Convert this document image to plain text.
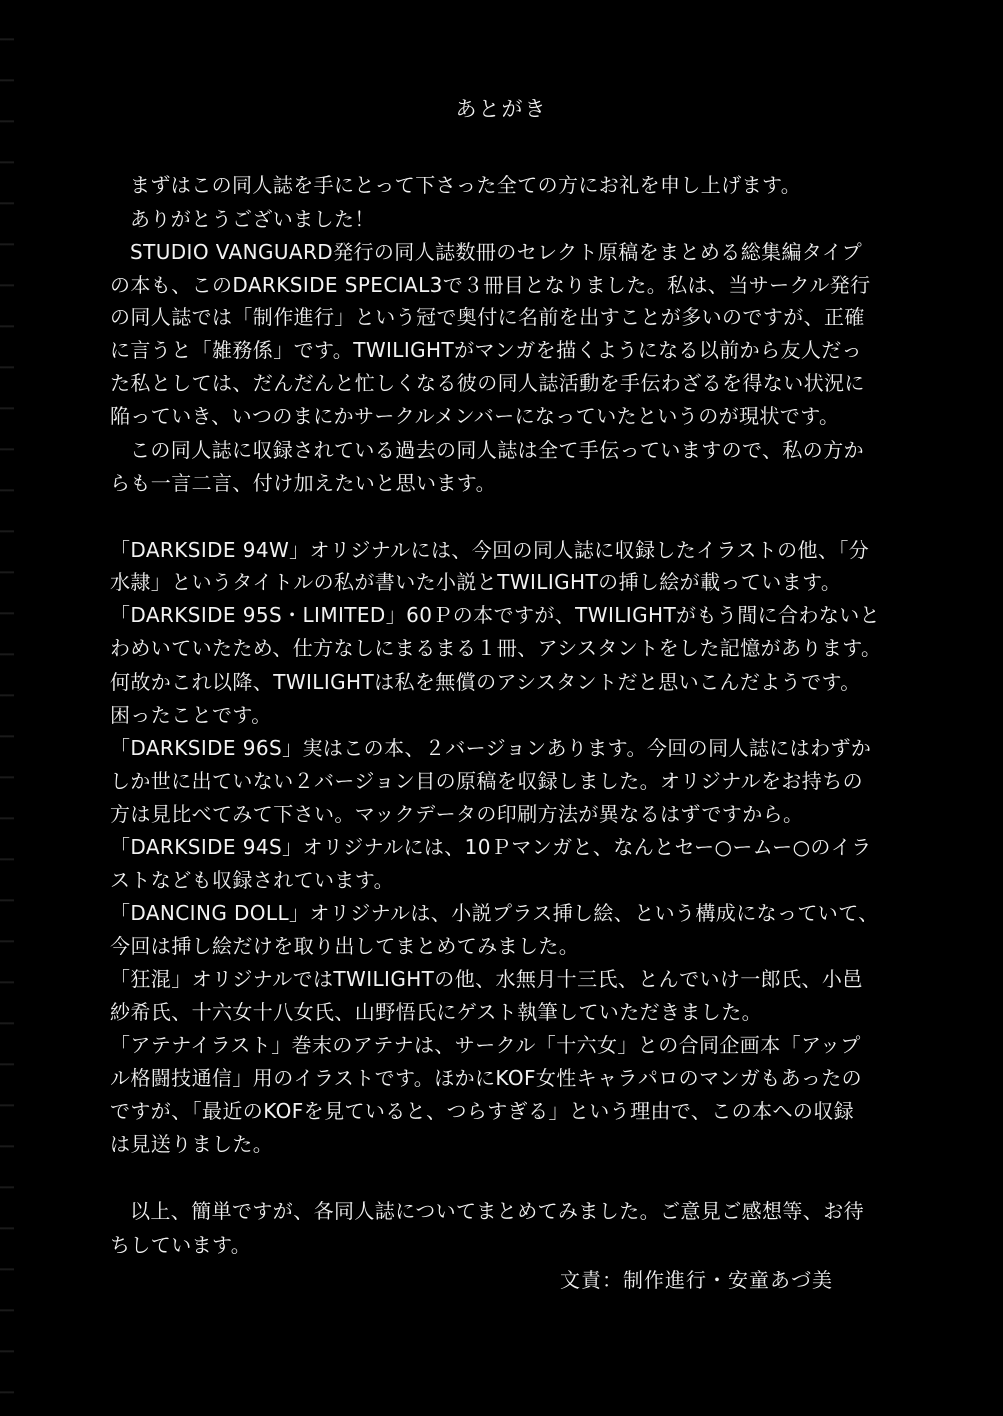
あとがき
まずはこの同人誌を手にとって下さった全ての方にお礼を申し上げます。
ありがとうございました！
STUDIO VANGUARD発行の同人誌数冊のセレクト原稿をまとめる総集編タイプ
の本も、このDARKSIDE SPECIAL3で３冊目となりました。私は、当サークル発行
の同人誌では「制作進行」という冠で奥付に名前を出すことが多いのですが、正確
に言うと「雑務係」です。TWILIGHTがマンガを描くようになる以前から友人だっ
た私としては、だんだんと忙しくなる彼の同人誌活動を手伝わざるを得ない状況に
陥っていき、いつのまにかサークルメンバーになっていたというのが現状です。
この同人誌に収録されている過去の同人誌は全て手伝っていますので、私の方か
らも一言二言、付け加えたいと思います。
「DARKSIDE 94W」オリジナルには、今回の同人誌に収録したイラストの他、「分
水隷」というタイトルの私が書いた小説とTWILIGHTの挿し絵が載っています。
「DARKSIDE 95S・LIMITED」60Ｐの本ですが、TWILIGHTがもう間に合わないと
わめいていたため、仕方なしにまるまる１冊、アシスタントをした記憶があります。
何故かこれ以降、TWILIGHTは私を無償のアシスタントだと思いこんだようです。
困ったことです。
「DARKSIDE 96S」実はこの本、２バージョンあります。今回の同人誌にはわずか
しか世に出ていない２バージョン目の原稿を収録しました。オリジナルをお持ちの
方は見比べてみて下さい。マックデータの印刷方法が異なるはずですから。
「DARKSIDE 94S」オリジナルには、10Ｐマンガと、なんとセー○ームー○のイラ
ストなども収録されています。
「DANCING DOLL」オリジナルは、小説プラス挿し絵、という構成になっていて、
今回は挿し絵だけを取り出してまとめてみました。
「狂混」オリジナルではTWILIGHTの他、水無月十三氏、とんでいけ一郎氏、小邑
紗希氏、十六女十八女氏、山野悟氏にゲスト執筆していただきました。
「アテナイラスト」巻末のアテナは、サークル「十六女」との合同企画本「アップ
ル格闘技通信」用のイラストです。ほかにKOF女性キャラパロのマンガもあったの
ですが、「最近のKOFを見ていると、つらすぎる」という理由で、この本への収録
は見送りました。
以上、簡単ですが、各同人誌についてまとめてみました。ご意見ご感想等、お待
ちしています。
文責：制作進行・安童あづ美
